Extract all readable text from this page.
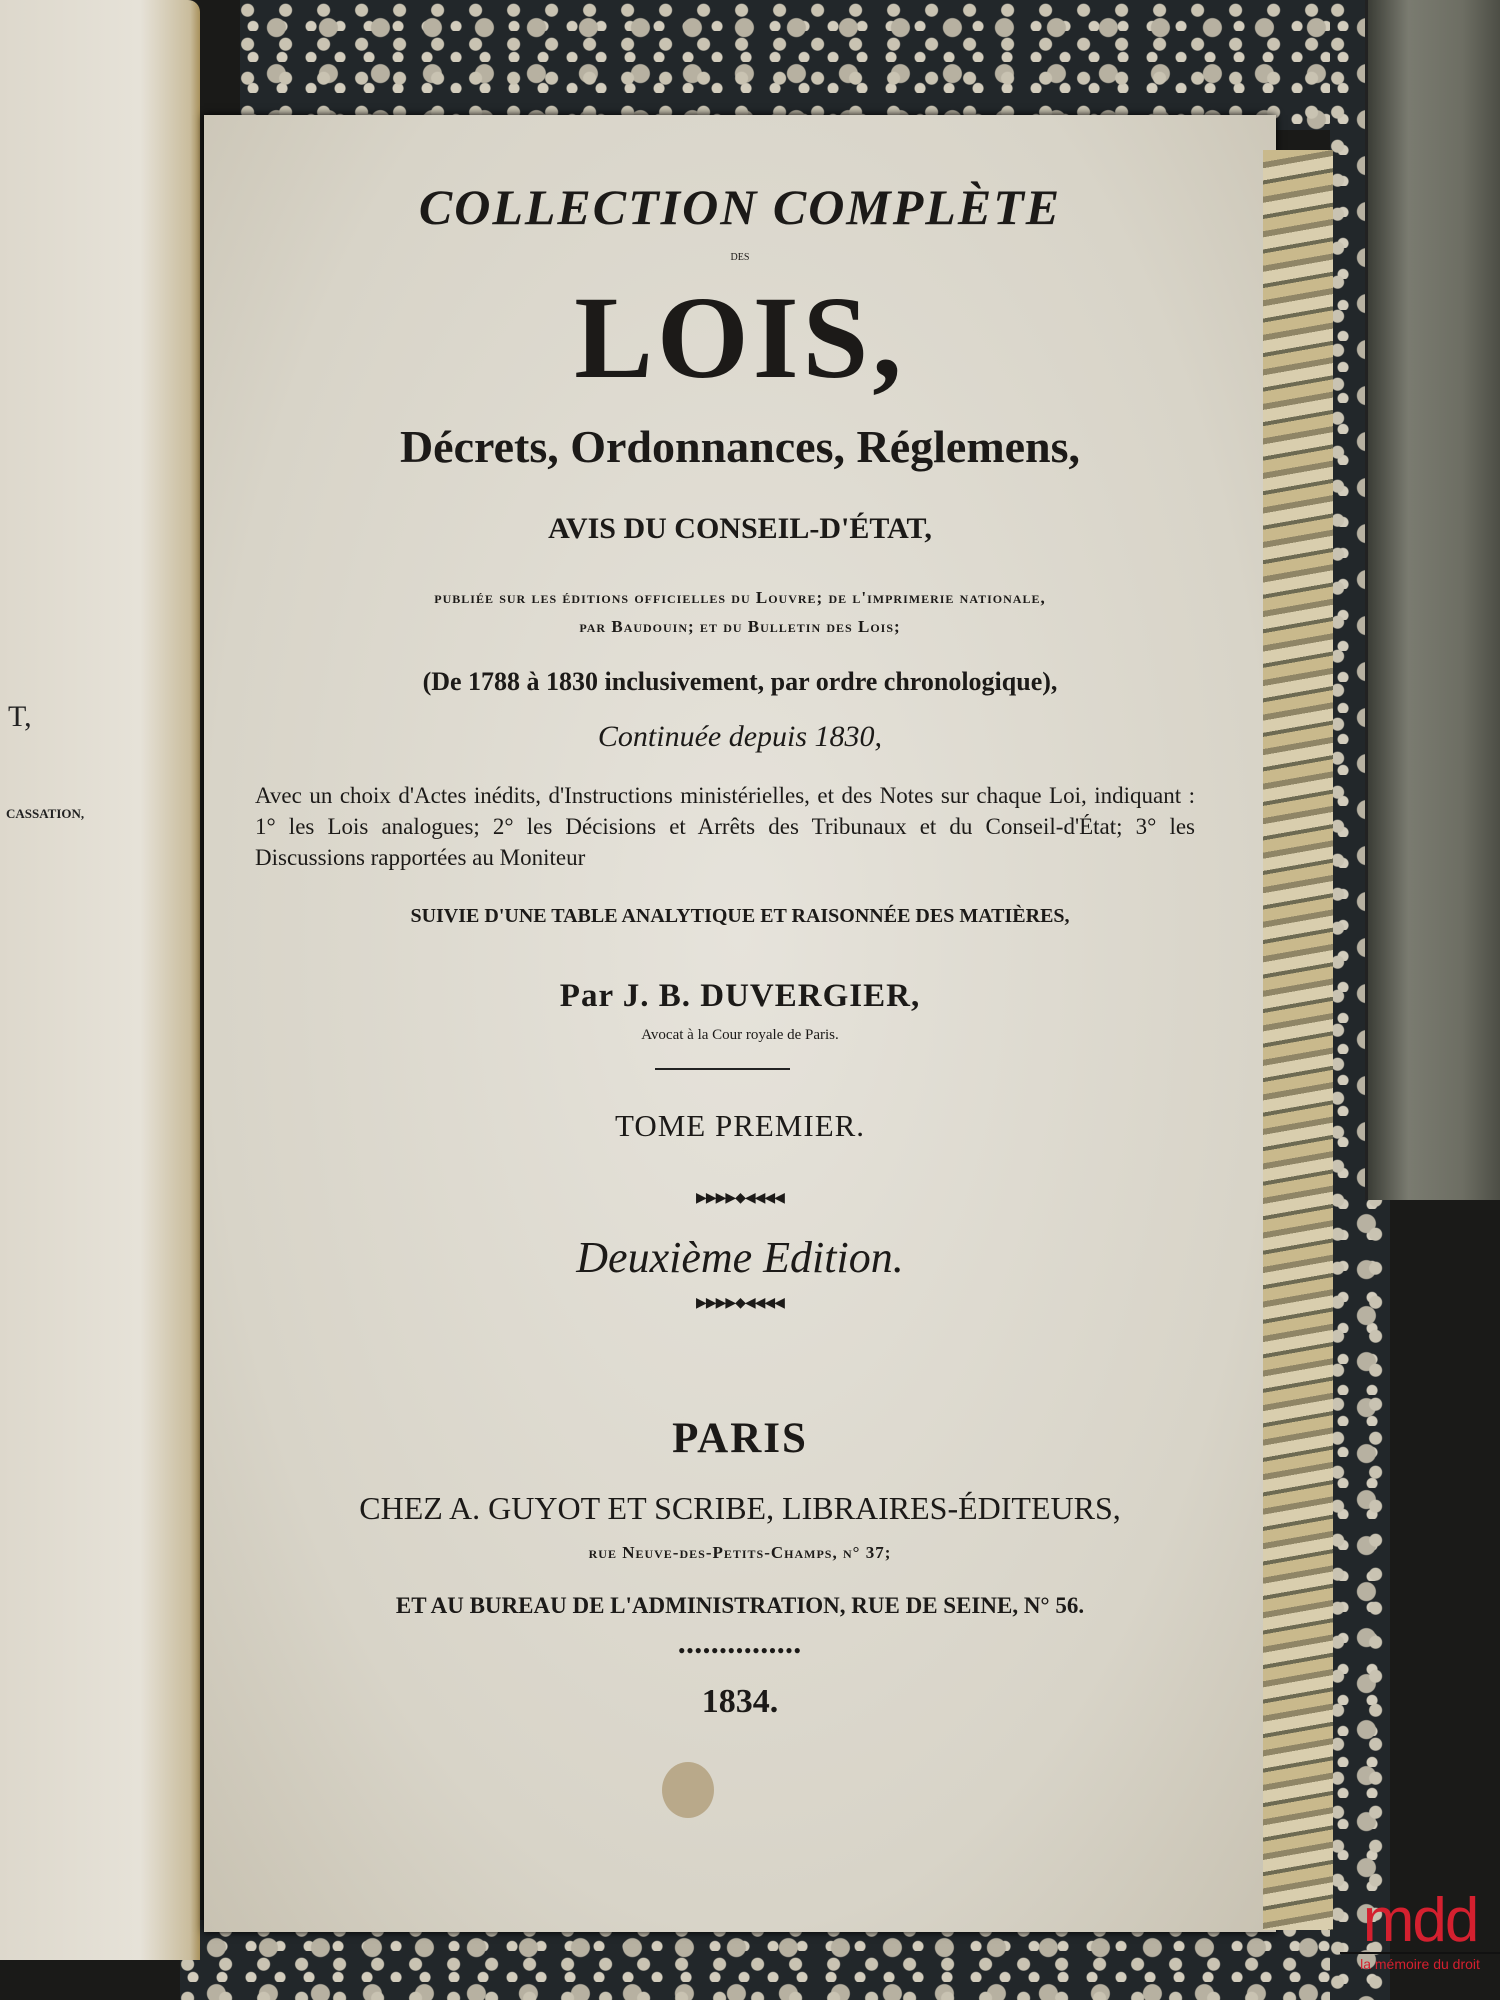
T,
CASSATION,
COLLECTION COMPLÈTE
DES
LOIS,
Décrets, Ordonnances, Réglemens,
AVIS DU CONSEIL-D'ÉTAT,
publiée sur les éditions officielles du Louvre; de l'imprimerie nationale,
par Baudouin; et du Bulletin des Lois;
(De 1788 à 1830 inclusivement, par ordre chronologique),
Continuée depuis 1830,
Avec un choix d'Actes inédits, d'Instructions ministérielles, et des Notes sur chaque Loi, indiquant : 1° les Lois analogues; 2° les Décisions et Arrêts des Tribunaux et du Conseil-d'État; 3° les Discussions rapportées au Moniteur
SUIVIE D'UNE TABLE ANALYTIQUE ET RAISONNÉE DES MATIÈRES,
Par J. B. DUVERGIER,
Avocat à la Cour royale de Paris.
TOME PREMIER.
▶▶▶▶◆◀◀◀◀
Deuxième Edition.
▶▶▶▶◆◀◀◀◀
PARIS
CHEZ A. GUYOT ET SCRIBE, LIBRAIRES-ÉDITEURS,
rue Neuve-des-Petits-Champs, n° 37;
ET AU BUREAU DE L'ADMINISTRATION, RUE DE SEINE, N° 56.
●●●●●●●●●●●●●●●
1834.
mdd
la mémoire du droit
